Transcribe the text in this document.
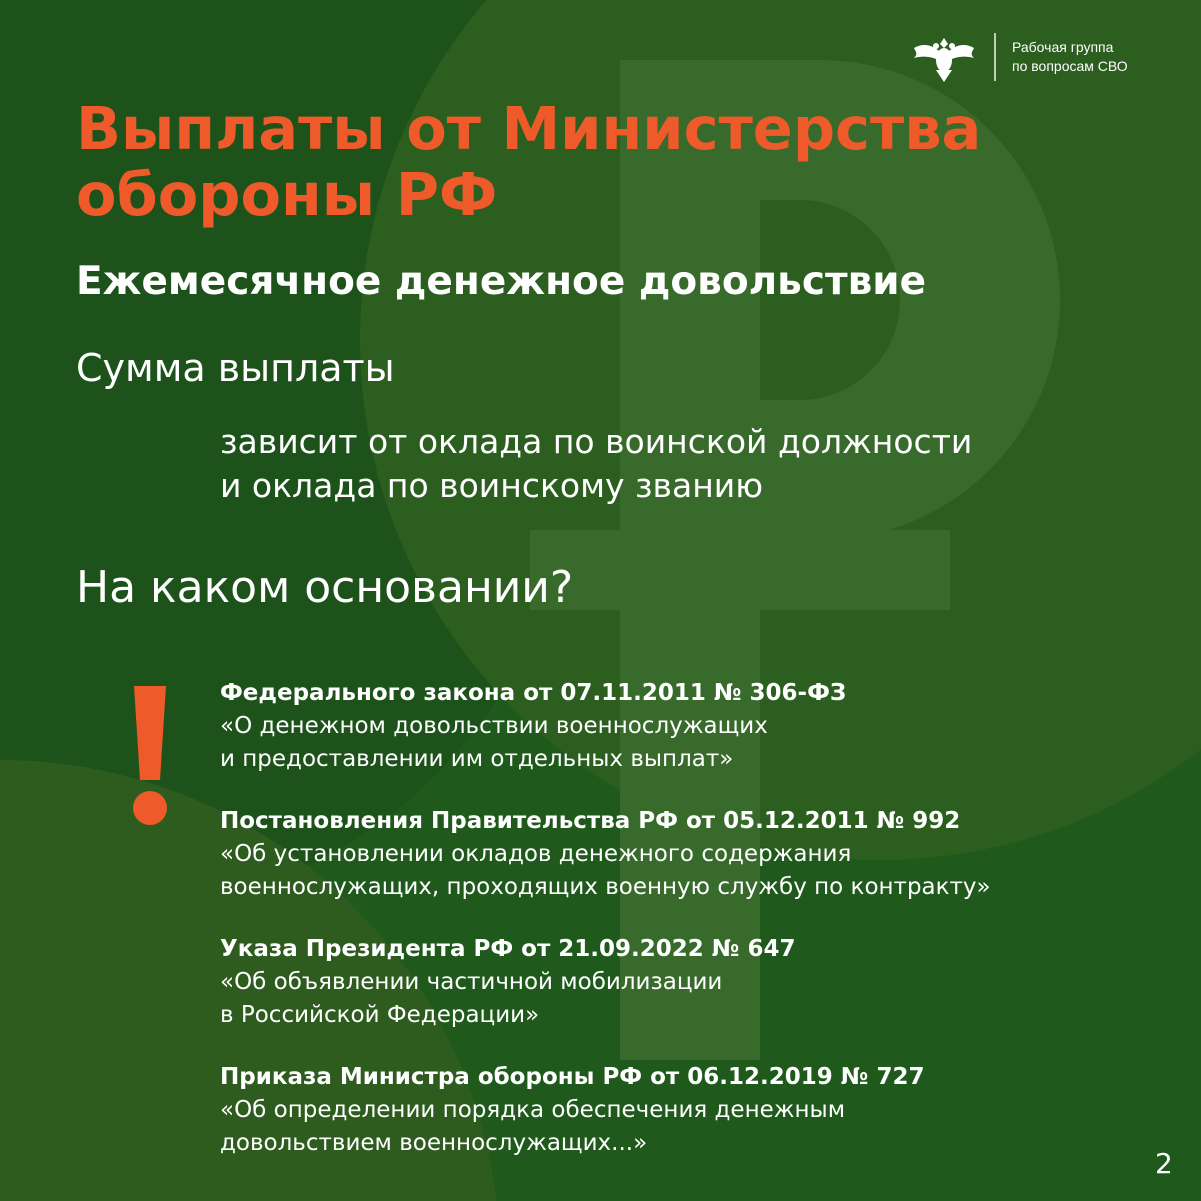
Рабочая группа
по вопросам СВО
Выплаты от Министерства
обороны РФ
Ежемесячное денежное довольствие
Сумма выплаты
зависит от оклада по воинской должности
и оклада по воинскому званию
На каком основании?
Федерального закона от 07.11.2011 № 306-ФЗ
«О денежном довольствии военнослужащих
и предоставлении им отдельных выплат»
Постановления Правительства РФ от 05.12.2011 № 992
«Об установлении окладов денежного содержания
военнослужащих, проходящих военную службу по контракту»
Указа Президента РФ от 21.09.2022 № 647
«Об объявлении частичной мобилизации
в Российской Федерации»
Приказа Министра обороны РФ от 06.12.2019 № 727
«Об определении порядка обеспечения денежным
довольствием военнослужащих...»
2
